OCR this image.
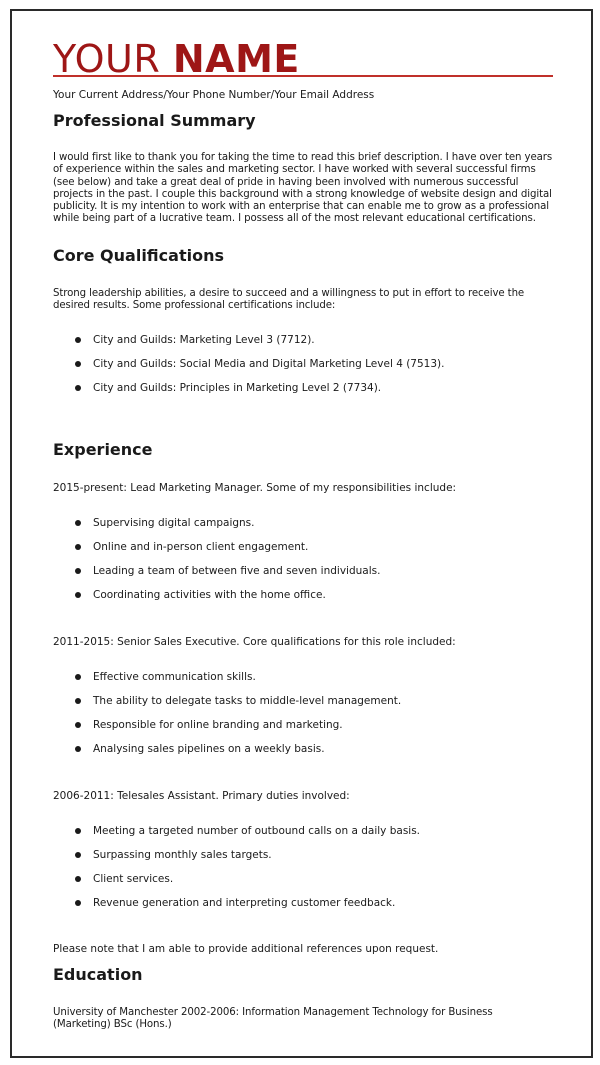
YOUR NAME
Your Current Address/Your Phone Number/Your Email Address
Professional Summary
I would first like to thank you for taking the time to read this brief description. I have over ten years of experience within the sales and marketing sector. I have worked with several successful firms (see below) and take a great deal of pride in having been involved with numerous successful projects in the past. I couple this background with a strong knowledge of website design and digital publicity. It is my intention to work with an enterprise that can enable me to grow as a professional while being part of a lucrative team. I possess all of the most relevant educational certifications.
Core Qualifications
Strong leadership abilities, a desire to succeed and a willingness to put in effort to receive the desired results. Some professional certifications include:
City and Guilds: Marketing Level 3 (7712).
City and Guilds: Social Media and Digital Marketing Level 4 (7513).
City and Guilds: Principles in Marketing Level 2 (7734).
Experience
2015-present: Lead Marketing Manager. Some of my responsibilities include:
Supervising digital campaigns.
Online and in-person client engagement.
Leading a team of between five and seven individuals.
Coordinating activities with the home office.
2011-2015: Senior Sales Executive. Core qualifications for this role included:
Effective communication skills.
The ability to delegate tasks to middle-level management.
Responsible for online branding and marketing.
Analysing sales pipelines on a weekly basis.
2006-2011: Telesales Assistant. Primary duties involved:
Meeting a targeted number of outbound calls on a daily basis.
Surpassing monthly sales targets.
Client services.
Revenue generation and interpreting customer feedback.
Please note that I am able to provide additional references upon request.
Education
University of Manchester 2002-2006: Information Management Technology for Business (Marketing) BSc (Hons.)
